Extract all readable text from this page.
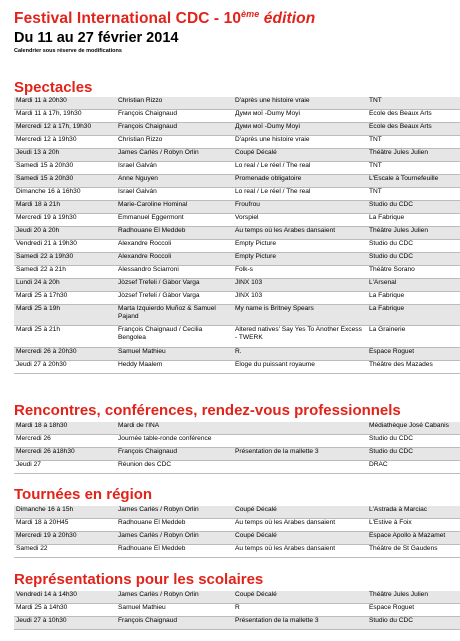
Festival International CDC - 10ème édition
Du 11 au 27 février 2014
Calendrier sous réserve de modifications
Spectacles
Mardi 11 à 20h30	Christian Rizzo	D'après une histoire vraie	TNT
Mardi 11 à 17h, 19h30	François Chaignaud	Думи мої -Dumy Moyi	Ecole des Beaux Arts
Mercredi 12 à 17h, 19h30	François Chaignaud	Думи мої -Dumy Moyi	Ecole des Beaux Arts
Mercredi 12 à 19h30	Christian Rizzo	D'après une histoire vraie	TNT
Jeudi 13 à 20h	James Carlès / Robyn Orlin	Coupé Décalé	Théâtre Jules Julien
Samedi 15 à 20h30	Israel Galván	Lo real / Le réel / The real	TNT
Samedi 15 à 20h30	Anne Nguyen	Promenade obligatoire	L'Escale à Tournefeuille
Dimanche 16 à 16h30	Israel Galván	Lo real / Le réel / The real	TNT
Mardi 18 à 21h	Marie-Caroline Hominal	Froufrou	Studio du CDC
Mercredi 19 à 19h30	Emmanuel Eggermont	Vorspiel	La Fabrique
Jeudi 20 à 20h	Radhouane El Meddeb	Au temps où les Arabes dansaient	Théâtre Jules Julien
Vendredi 21 à 19h30	Alexandre Roccoli	Empty Picture	Studio du CDC
Samedi 22 à 19h30	Alexandre Roccoli	Empty Picture	Studio du CDC
Samedi 22 à 21h	Alessandro Sciarroni	Folk-s	Théâtre Sorano
Lundi 24 à 20h	Jòzsef Trefeli / Gàbor Varga	JINX 103	L'Arsenal
Mardi 25 à 17h30	Jòzsef Trefeli / Gàbor Varga	JINX 103	La Fabrique
Mardi 25 à 19h	Marta Izquierdo Muñoz & Samuel Pajand	My name is Britney Spears	La Fabrique
Mardi 25 à 21h	François Chaignaud / Cecilia Bengolea	Altered natives' Say Yes To Another Excess - TWERK	La Grainerie
Mercredi 26 à 20h30	Samuel Mathieu	R.	Espace Roguet
Jeudi 27 à 20h30	Heddy Maalem	Eloge du puissant royaume	Théâtre des Mazades
Rencontres, conférences, rendez-vous professionnels
Mardi 18 à 18h30	Mardi de l'INA		Médiathèque José Cabanis
Mercredi 26	Journée table-ronde conférence		Studio du CDC
Mercredi 26 à18h30	François Chaignaud	Présentation de la mallette 3	Studio du CDC
Jeudi 27	Réunion des CDC		DRAC
Tournées en région
Dimanche 16 à 15h	James Carlès / Robyn Orlin	Coupé Décalé	L'Astrada à Marciac
Mardi 18 à 20H45	Radhouane El Meddeb	Au temps où les Arabes dansaient	L'Estive à Foix
Mercredi 19 à 20h30	James Carlès / Robyn Orlin	Coupé Décalé	Espace Apollo à Mazamet
Samedi 22	Radhouane El Meddeb	Au temps où les Arabes dansaient	Théâtre de St Gaudens
Représentations pour les scolaires
Vendredi 14 à 14h30	James Carlès / Robyn Orlin	Coupé Décalé	Théâtre Jules Julien
Mardi 25 à 14h30	Samuel Mathieu	R	Espace Roguet
Jeudi 27 à 10h30	François Chaignaud	Présentation de la mallette 3	Studio du CDC
